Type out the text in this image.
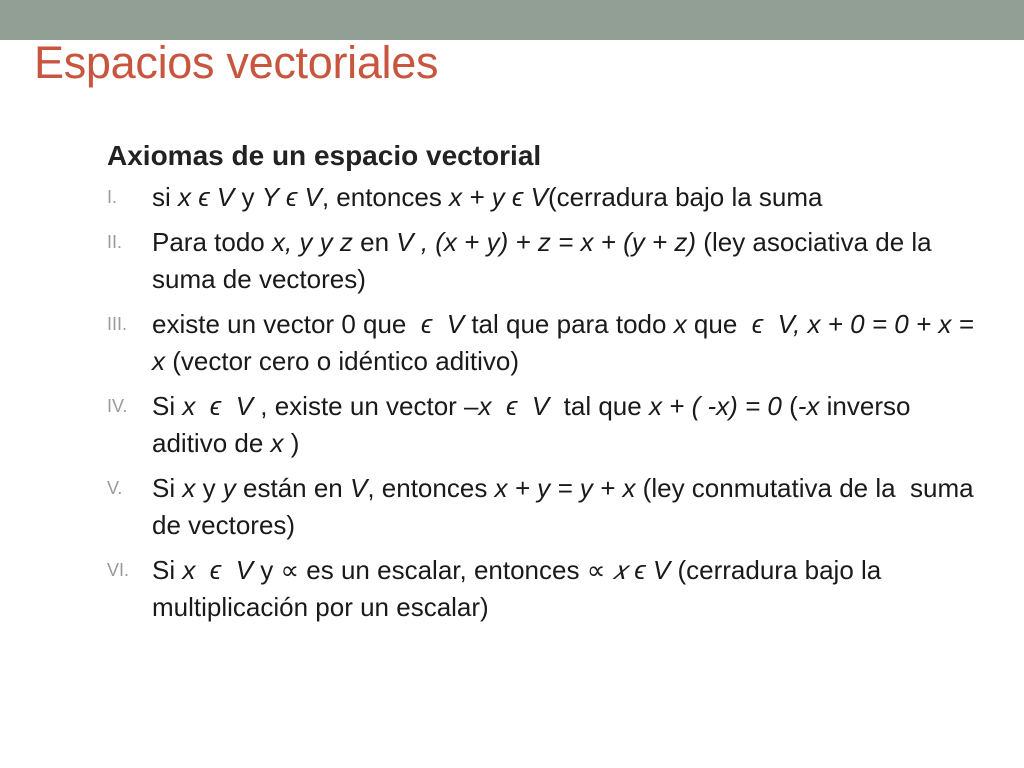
Espacios vectoriales
Axiomas de un espacio vectorial
I. si x ϵ V y Y ϵ V, entonces x + y ϵ V(cerradura bajo la suma
II. Para todo x, y y z en V , (x + y) + z = x + (y + z) (ley asociativa de la suma de vectores)
III. existe un vector 0 que  ϵ  V tal que para todo x que  ϵ  V, x + 0 = 0 + x = x (vector cero o idéntico aditivo)
IV. Si x  ϵ  V , existe un vector –x  ϵ  V  tal que x + ( -x) = 0 (-x inverso aditivo de x )
V. Si x y y están en V, entonces x + y = y + x (ley conmutativa de la  suma de vectores)
VI. Si x  ϵ  V y ∝ es un escalar, entonces ∝ 𝑥 ϵ V (cerradura bajo la multiplicación por un escalar)
